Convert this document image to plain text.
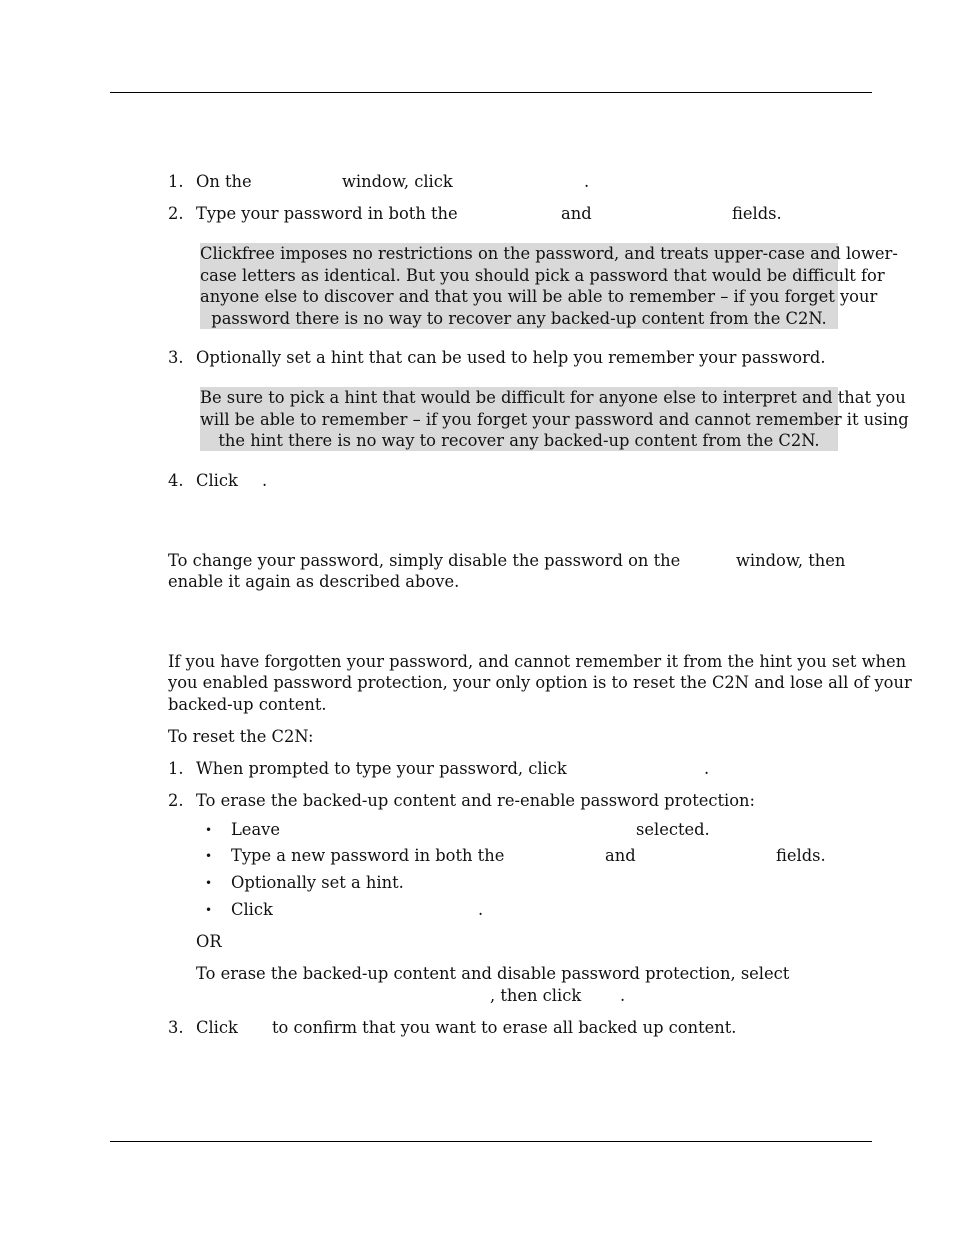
1. On the	window, click	.
2. Type your password in both the	and	fields.
Clickfree imposes no restrictions on the password, and treats upper-case and lower-
case letters as identical. But you should pick a password that would be difficult for
anyone else to discover and that you will be able to remember – if you forget your
password there is no way to recover any backed-up content from the C2N.
3. Optionally set a hint that can be used to help you remember your password.
Be sure to pick a hint that would be difficult for anyone else to interpret and that you
will be able to remember – if you forget your password and cannot remember it using
the hint there is no way to recover any backed-up content from the C2N.
4. Click .
To change your password, simply disable the password on the	window, then
enable it again as described above.
If you have forgotten your password, and cannot remember it from the hint you set when
you enabled password protection, your only option is to reset the C2N and lose all of your
backed-up content.
To reset the C2N:
1. When prompted to type your password, click	.
2. To erase the backed-up content and re-enable password protection:
• Leave	selected.
• Type a new password in both the	and	fields.
• Optionally set a hint.
• Click	.
OR
To erase the backed-up content and disable password protection, select
, then click .
3. Click to confirm that you want to erase all backed up content.
